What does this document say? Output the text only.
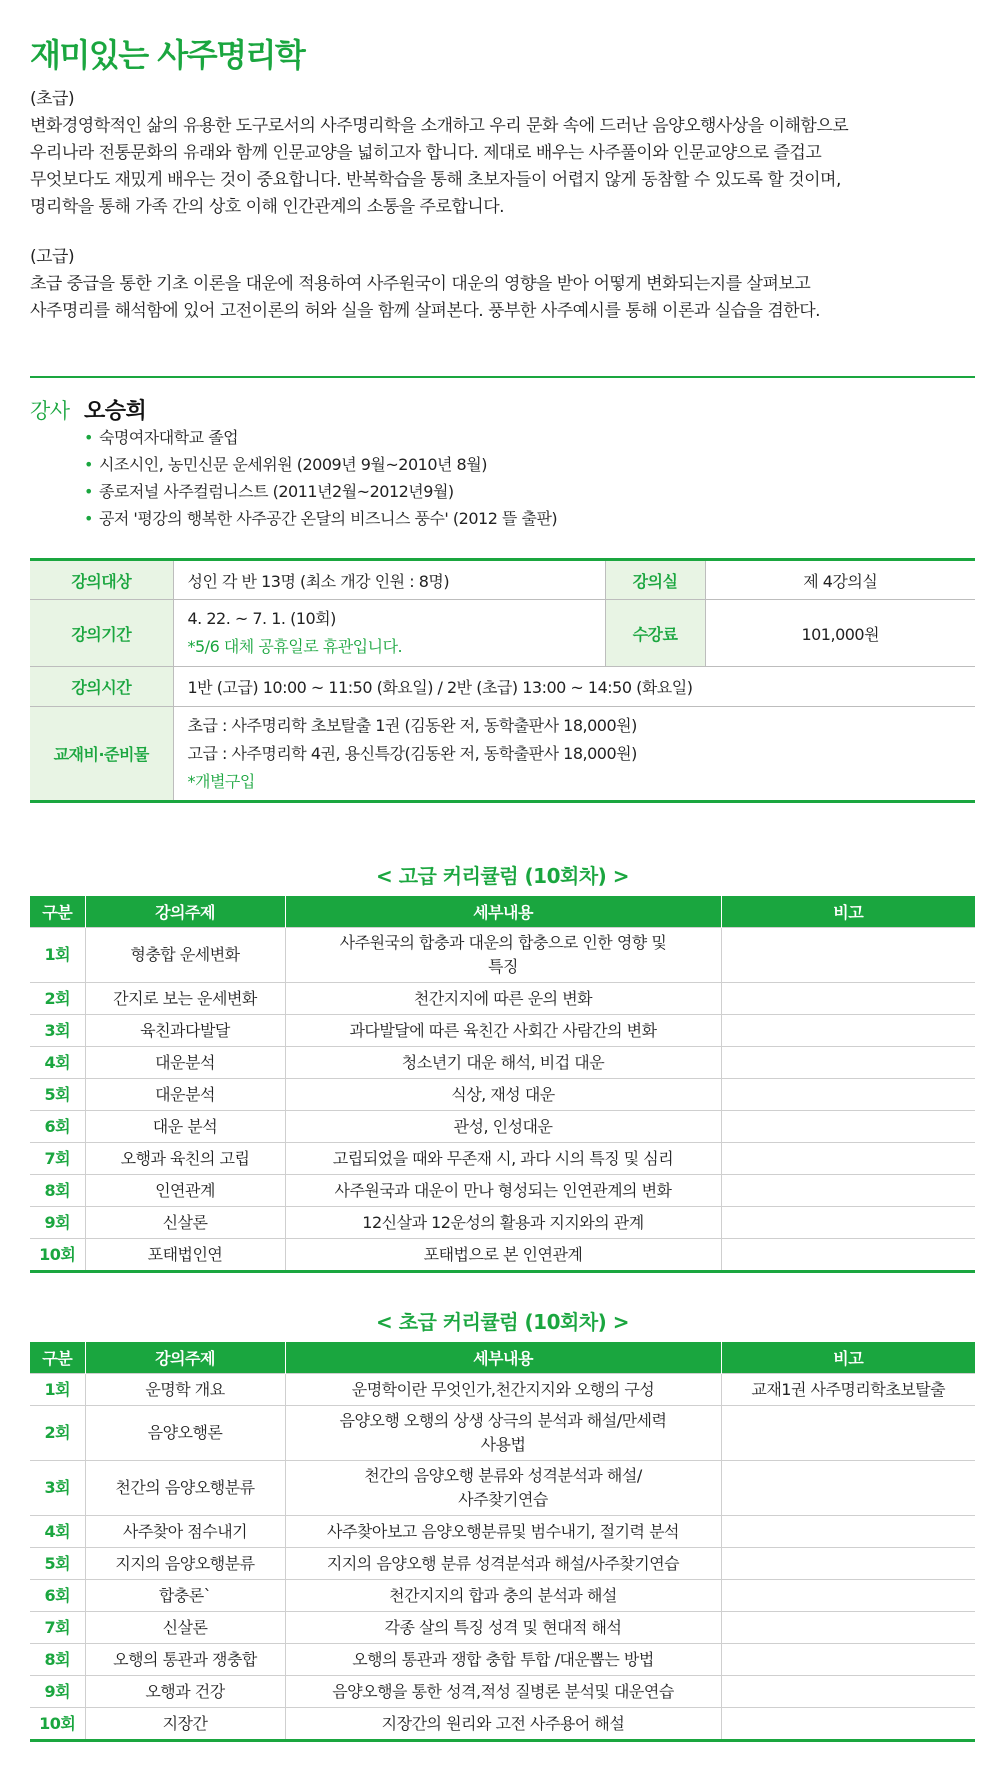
재미있는 사주명리학

(초급)

변화경영학적인 삶의 유용한 도구로서의 사주명리학을 소개하고 우리 문화 속에 드러난 음양오행사상을 이해함으로

우리나라 전통문화의 유래와 함께 인문교양을 넓히고자 합니다. 제대로 배우는 사주풀이와 인문교양으로 즐겁고

무엇보다도 재밌게 배우는 것이 중요합니다. 반복학습을 통해 초보자들이 어렵지 않게 동참할 수 있도록 할 것이며,

명리학을 통해 가족 간의 상호 이해 인간관계의 소통을 주로합니다.

(고급)

초급 중급을 통한 기초 이론을 대운에 적용하여 사주원국이 대운의 영향을 받아 어떻게 변화되는지를 살펴보고

사주명리를 해석함에 있어 고전이론의 허와 실을 함께 살펴본다. 풍부한 사주예시를 통해 이론과 실습을 겸한다.

강사 오승희
• 숙명여자대학교 졸업
• 시조시인, 농민신문 운세위원 (2009년 9월~2010년 8월)
• 종로저널 사주컬럼니스트 (2011년2월~2012년9월)
• 공저 '평강의 행복한 사주공간 온달의 비즈니스 풍수' (2012 뜰 출판)
강의대상	성인 각 반 13명 (최소 개강 인원 : 8명)	강의실	제 4강의실
강의기간	4. 22. ~ 7. 1. (10회)
*5/6 대체 공휴일로 휴관입니다.	수강료	101,000원
강의시간	1반 (고급) 10:00 ~ 11:50 (화요일) / 2반 (초급) 13:00 ~ 14:50 (화요일)		
교재비·준비물	초급 : 사주명리학 초보탈출 1권 (김동완 저, 동학출판사 18,000원)
고급 : 사주명리학 4권, 용신특강(김동완 저, 동학출판사 18,000원)
*개별구입		
< 고급 커리큘럼 (10회차) >
구분	강의주제	세부내용	비고
1회	형충합 운세변화	사주원국의 합충과 대운의 합충으로 인한 영향 및
특징	

2회	간지로 보는 운세변화	천간지지에 따른 운의 변화	

3회	육친과다발달	과다발달에 따른 육친간 사회간 사람간의 변화	

4회	대운분석	청소년기 대운 해석, 비겁 대운	

5회	대운분석	식상, 재성 대운	

6회	대운 분석	관성, 인성대운	

7회	오행과 육친의 고립	고립되었을 때와 무존재 시, 과다 시의 특징 및 심리	

8회	인연관계	사주원국과 대운이 만나 형성되는 인연관계의 변화	

9회	신살론	12신살과 12운성의 활용과 지지와의 관계	

10회	포태법인연	포태법으로 본 인연관계	

< 초급 커리큘럼 (10회차) >
구분	강의주제	세부내용	비고
1회	운명학 개요	운명학이란 무엇인가,천간지지와 오행의 구성	교재1권 사주명리학초보탈출
2회	음양오행론	음양오행 오행의 상생 상극의 분석과 해설/만세력
사용법	

3회	천간의 음양오행분류	천간의 음양오행 분류와 성격분석과 해설/
사주찾기연습	

4회	사주찾아 점수내기	사주찾아보고 음양오행분류및 범수내기, 절기력 분석	

5회	지지의 음양오행분류	지지의 음양오행 분류 성격분석과 해설/사주찾기연습	

6회	합충론`	천간지지의 합과 충의 분석과 해설	

7회	신살론	각종 살의 특징 성격 및 현대적 해석	

8회	오행의 통관과 쟁충합	오행의 통관과 쟁합 충합 투합 /대운뽑는 방법	

9회	오행과 건강	음양오행을 통한 성격,적성 질병론 분석및 대운연습	

10회	지장간	지장간의 원리와 고전 사주용어 해설	
